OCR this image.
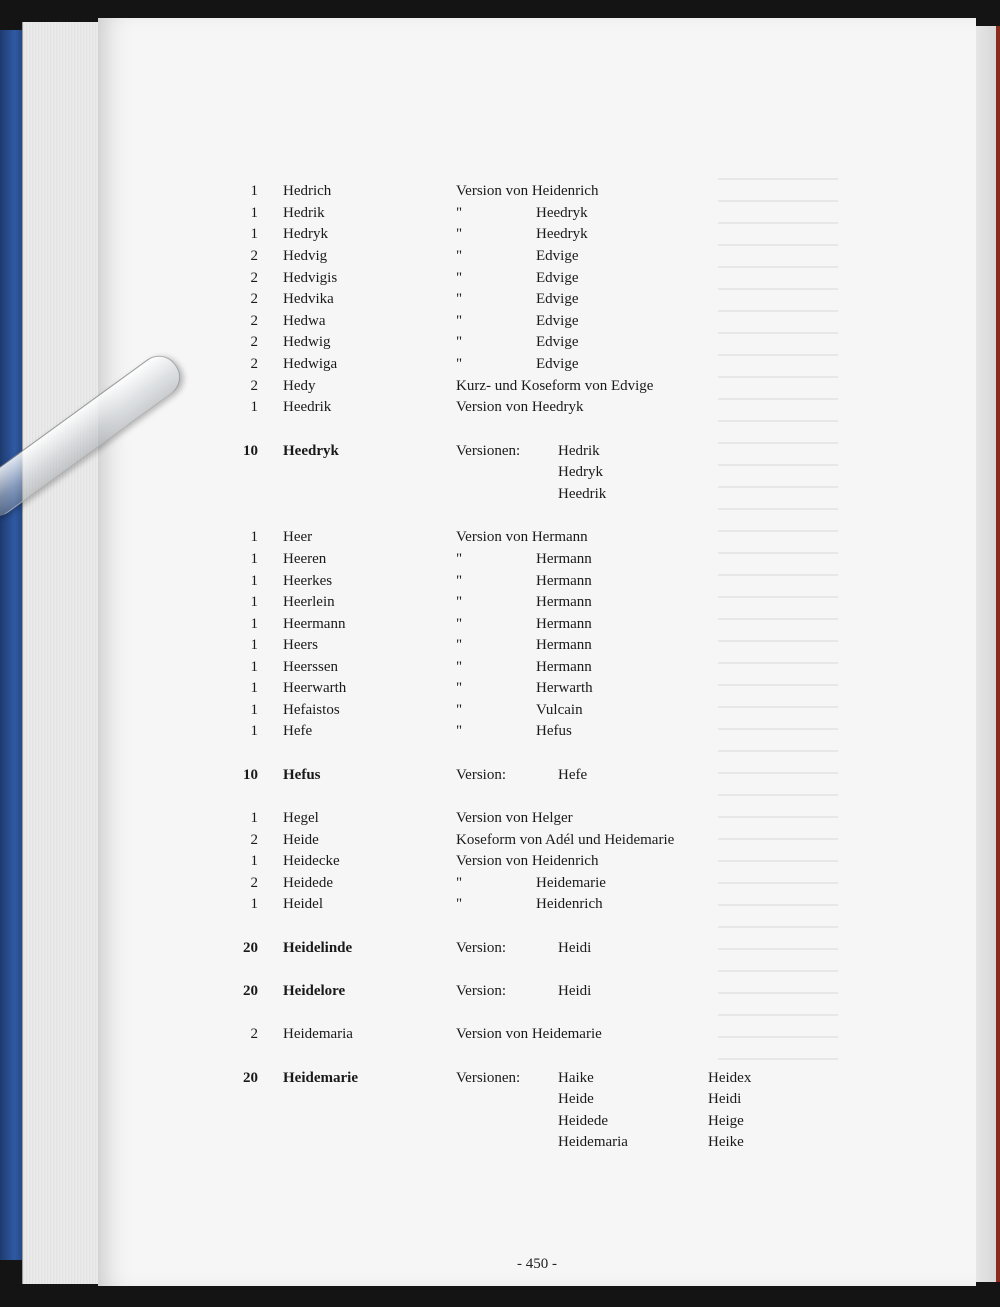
1 Hedrich	Version von Heidenrich
1 Hedrik	"	Heedryk
1 Hedryk	"	Heedryk
2 Hedvig	"	Edvige
2 Hedvigis	"	Edvige
2 Hedvika	"	Edvige
2 Hedwa	"	Edvige
2 Hedwig	"	Edvige
2 Hedwiga	"	Edvige
2 Hedy	Kurz- und Koseform von Edvige
1 Heedrik	Version von Heedryk
10 Heedryk	Versionen:	Hedrik
Hedryk
Heedrik
1 Heer	Version von Hermann
1 Heeren	"	Hermann
1 Heerkes	"	Hermann
1 Heerlein	"	Hermann
1 Heermann	"	Hermann
1 Heers	"	Hermann
1 Heerssen	"	Hermann
1 Heerwarth	"	Herwarth
1 Hefaistos	"	Vulcain
1 Hefe	"	Hefus
10 Hefus	Version:	Hefe
1 Hegel	Version von Helger
2 Heide	Koseform von Adél und Heidemarie
1 Heidecke	Version von Heidenrich
2 Heidede	"	Heidemarie
1 Heidel	"	Heidenrich
20 Heidelinde	Version:	Heidi
20 Heidelore	Version:	Heidi
2 Heidemaria	Version von Heidemarie
20 Heidemarie	Versionen:	Haike	Heidex
Heide	Heidi
Heidede	Heige
Heidemaria	Heike
- 450 -
